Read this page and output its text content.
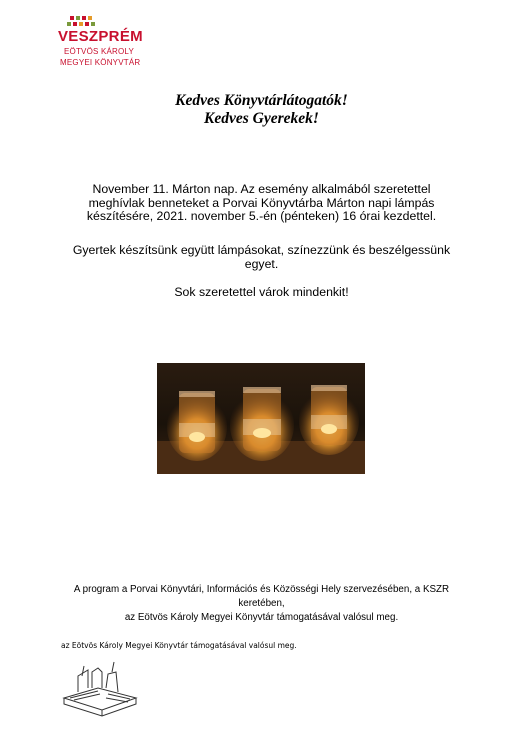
VESZPRÉM
EÖTVÖS KÁROLY
MEGYEI KÖNYVTÁR
Kedves Könyvtárlátogatók!
Kedves Gyerekek!
November 11. Márton nap. Az esemény alkalmából szeretettel meghívlak benneteket a Porvai Könyvtárba Márton napi lámpás készítésére, 2021. november 5.-én (pénteken) 16 órai kezdettel.
Gyertek készítsünk együtt lámpásokat, színezzünk és beszélgessünk egyet.
Sok szeretettel várok mindenkit!
A program a Porvai Könyvtári, Információs és Közösségi Hely szervezésében, a KSZR
keretében,
az Eötvös Károly Megyei Könyvtár támogatásával valósul meg.
az Eötvös Károly Megyei Könyvtár támogatásával valósul meg.
